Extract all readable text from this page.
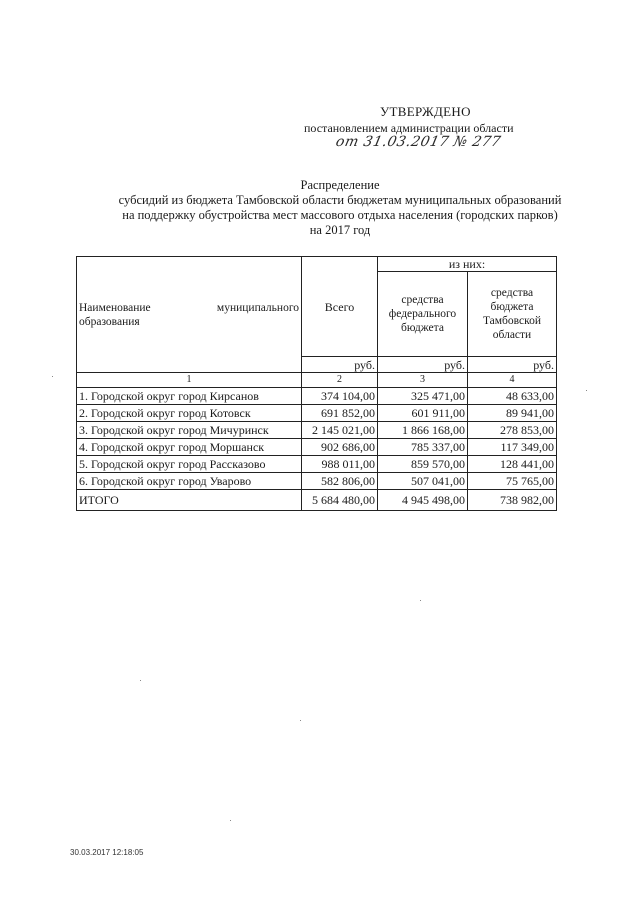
УТВЕРЖДЕНО
постановлением администрации области
от 31.03.2017 № 277
Распределение
субсидий из бюджета Тамбовской области бюджетам муниципальных образований
на поддержку обустройства мест массового отдыха населения (городских парков)
на 2017 год
Наименование муниципального
образования	Всего	из них:	
		средства федерального бюджета	средства бюджета Тамбовской области
	руб.	руб.	руб.
1	2	3	4
1. Городской округ город Кирсанов	374 104,00	325 471,00	48 633,00
2. Городской округ город Котовск	691 852,00	601 911,00	89 941,00
3. Городской округ город Мичуринск	2 145 021,00	1 866 168,00	278 853,00
4. Городской округ город Моршанск	902 686,00	785 337,00	117 349,00
5. Городской округ город Рассказово	988 011,00	859 570,00	128 441,00
6. Городской округ город Уварово	582 806,00	507 041,00	75 765,00
ИТОГО	5 684 480,00	4 945 498,00	738 982,00
30.03.2017 12:18:05
